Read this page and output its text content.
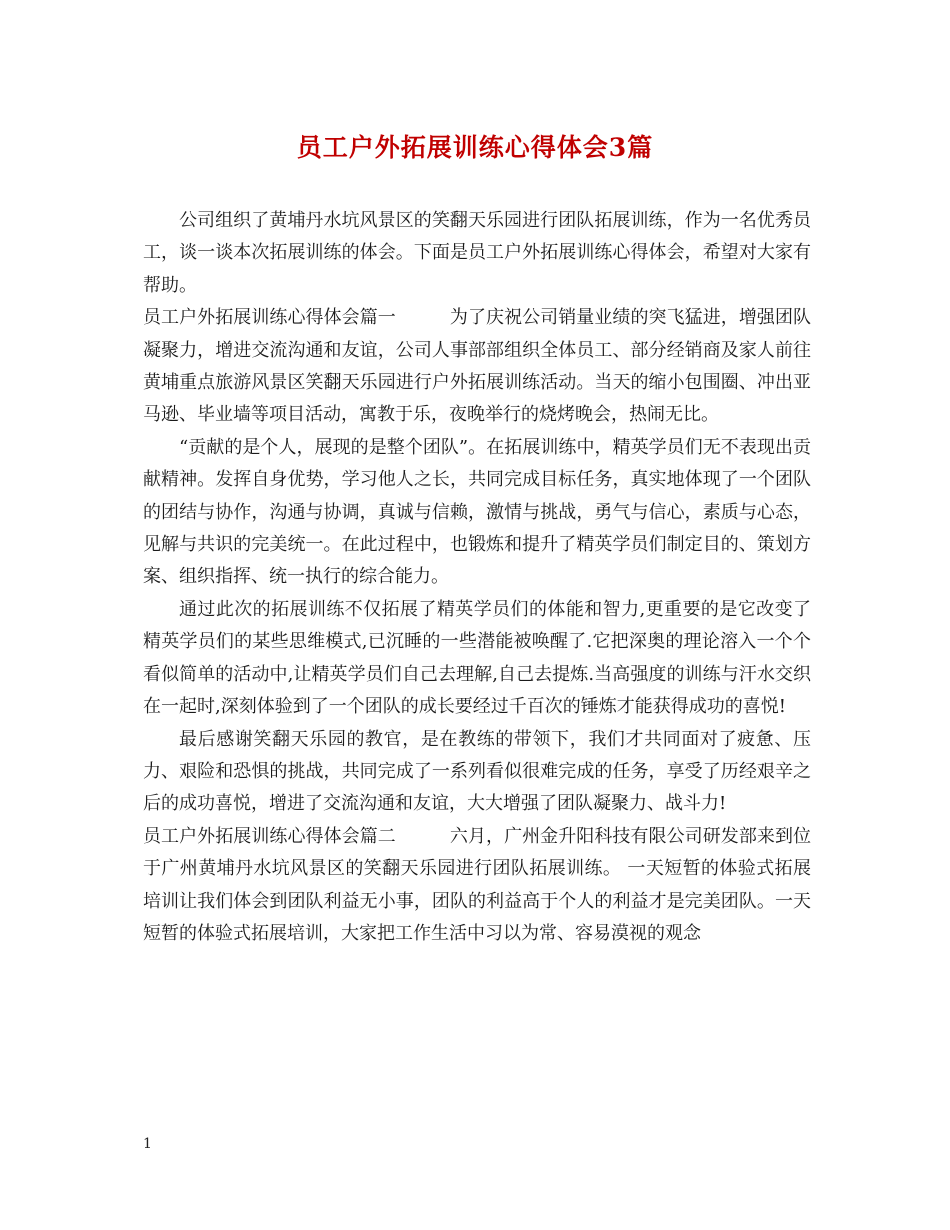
员工户外拓展训练心得体会3篇

公司组织了黄埔丹水坑风景区的笑翻天乐园进行团队拓展训练，作为一名优秀员工，谈一谈本次拓展训练的体会。下面是员工户外拓展训练心得体会，希望对大家有帮助。

员工户外拓展训练心得体会篇一	为了庆祝公司销量业绩的突飞猛进，增强团队凝聚力，增进交流沟通和友谊，公司人事部部组织全体员工、部分经销商及家人前往黄埔重点旅游风景区笑翻天乐园进行户外拓展训练活动。当天的缩小包围圈、冲出亚马逊、毕业墙等项目活动，寓教于乐，夜晚举行的烧烤晚会，热闹无比。

“贡献的是个人，展现的是整个团队”。在拓展训练中，精英学员们无不表现出贡献精神。发挥自身优势，学习他人之长，共同完成目标任务，真实地体现了一个团队的团结与协作，沟通与协调，真诚与信赖，激情与挑战，勇气与信心，素质与心态，见解与共识的完美统一。在此过程中，也锻炼和提升了精英学员们制定目的、策划方案、组织指挥、统一执行的综合能力。

通过此次的拓展训练不仅拓展了精英学员们的体能和智力,更重要的是它改变了精英学员们的某些思维模式,已沉睡的一些潜能被唤醒了.它把深奥的理论溶入一个个看似简单的活动中,让精英学员们自己去理解,自己去提炼.当高强度的训练与汗水交织在一起时,深刻体验到了一个团队的成长要经过千百次的锤炼才能获得成功的喜悦!

最后感谢笑翻天乐园的教官，是在教练的带领下，我们才共同面对了疲惫、压力、艰险和恐惧的挑战，共同完成了一系列看似很难完成的任务，享受了历经艰辛之后的成功喜悦，增进了交流沟通和友谊，大大增强了团队凝聚力、战斗力!

员工户外拓展训练心得体会篇二	六月，广州金升阳科技有限公司研发部来到位于广州黄埔丹水坑风景区的笑翻天乐园进行团队拓展训练。 一天短暂的体验式拓展培训让我们体会到团队利益无小事，团队的利益高于个人的利益才是完美团队。一天短暂的体验式拓展培训，大家把工作生活中习以为常、容易漠视的观念

1
